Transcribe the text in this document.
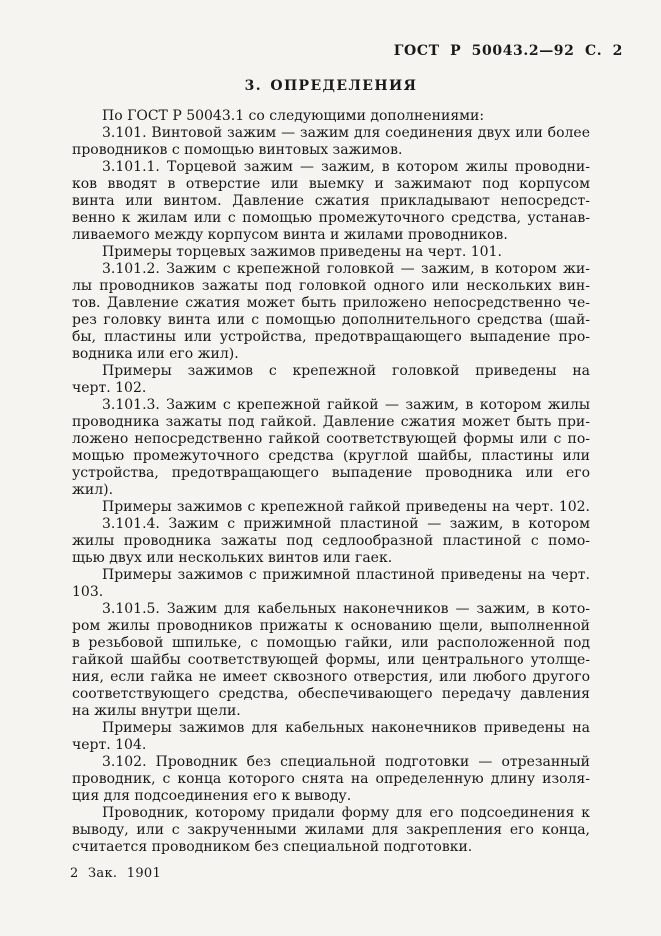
ГОСТ Р 50043.2—92 С. 2
3. ОПРЕДЕЛЕНИЯ
По ГОСТ Р 50043.1 со следующими дополнениями:
3.101. Винтовой зажим — зажим для соединения двух или более
проводников с помощью винтовых зажимов.
3.101.1. Торцевой зажим — зажим, в котором жилы проводни-
ков вводят в отверстие или выемку и зажимают под корпусом
винта или винтом. Давление сжатия прикладывают непосредст-
венно к жилам или с помощью промежуточного средства, устанав-
ливаемого между корпусом винта и жилами проводников.
Примеры торцевых зажимов приведены на черт. 101.
3.101.2. Зажим с крепежной головкой — зажим, в котором жи-
лы проводников зажаты под головкой одного или нескольких вин-
тов. Давление сжатия может быть приложено непосредственно че-
рез головку винта или с помощью дополнительного средства (шай-
бы, пластины или устройства, предотвращающего выпадение про-
водника или его жил).
Примеры зажимов с крепежной головкой приведены на
черт. 102.
3.101.3. Зажим с крепежной гайкой — зажим, в котором жилы
проводника зажаты под гайкой. Давление сжатия может быть при-
ложено непосредственно гайкой соответствующей формы или с по-
мощью промежуточного средства (круглой шайбы, пластины или
устройства, предотвращающего выпадение проводника или его
жил).
Примеры зажимов с крепежной гайкой приведены на черт. 102.
3.101.4. Зажим с прижимной пластиной — зажим, в котором
жилы проводника зажаты под седлообразной пластиной с помо-
щью двух или нескольких винтов или гаек.
Примеры зажимов с прижимной пластиной приведены на черт.
103.
3.101.5. Зажим для кабельных наконечников — зажим, в кото-
ром жилы проводников прижаты к основанию щели, выполненной
в резьбовой шпильке, с помощью гайки, или расположенной под
гайкой шайбы соответствующей формы, или центрального утолще-
ния, если гайка не имеет сквозного отверстия, или любого другого
соответствующего средства, обеспечивающего передачу давления
на жилы внутри щели.
Примеры зажимов для кабельных наконечников приведены на
черт. 104.
3.102. Проводник без специальной подготовки — отрезанный
проводник, с конца которого снята на определенную длину изоля-
ция для подсоединения его к выводу.
Проводник, которому придали форму для его подсоединения к
выводу, или с закрученными жилами для закрепления его конца,
считается проводником без специальной подготовки.
2 Зак. 1901
